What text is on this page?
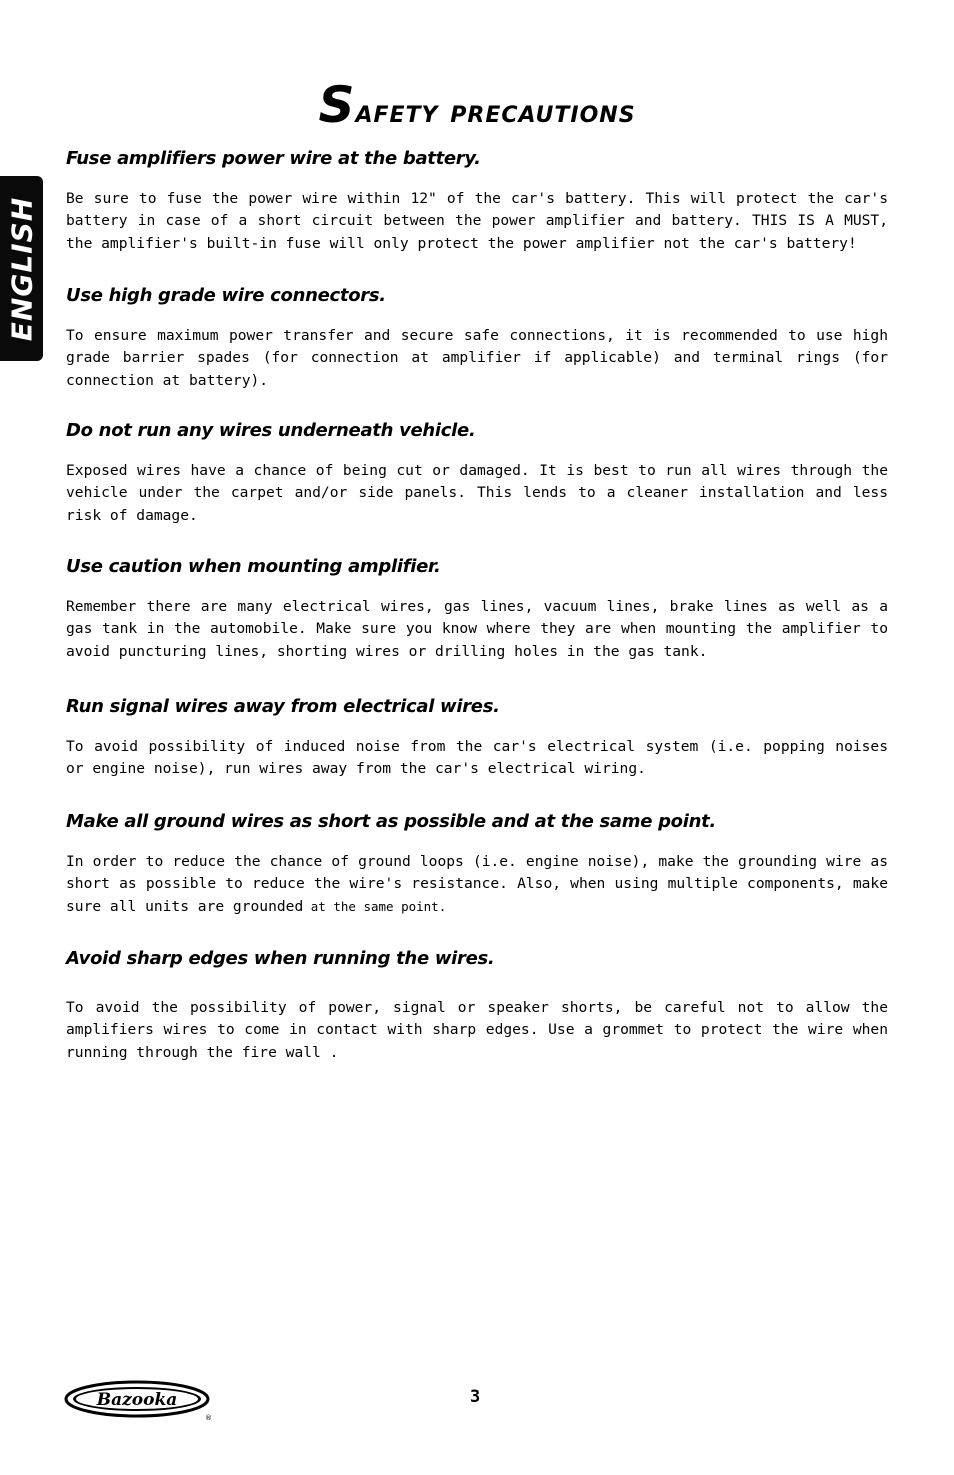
Safety precautions
ENGLISH
Fuse amplifiers power wire at the battery.

Be sure to fuse the power wire within 12" of the car's battery. This will protect the car's battery in case of a short circuit between the power amplifier and battery. THIS IS A MUST, the amplifier's built-in fuse will only protect the power amplifier not the car's battery!

Use high grade wire connectors.

To ensure maximum power transfer and secure safe connections, it is recommended to use high grade barrier spades (for connection at amplifier if applicable) and terminal rings (for connection at battery).

Do not run any wires underneath vehicle.

Exposed wires have a chance of being cut or damaged. It is best to run all wires through the vehicle under the carpet and/or side panels. This lends to a cleaner installation and less risk of damage.

Use caution when mounting amplifier.

Remember there are many electrical wires, gas lines, vacuum lines, brake lines as well as a gas tank in the automobile. Make sure you know where they are when mounting the amplifier to avoid puncturing lines, shorting wires or drilling holes in the gas tank.

Run signal wires away from electrical wires.

To avoid possibility of induced noise from the car's electrical system (i.e. popping noises or engine noise), run wires away from the car's electrical wiring.

Make all ground wires as short as possible and at the same point.

In order to reduce the chance of ground loops (i.e. engine noise), make the grounding wire as short as possible to reduce the wire's resistance. Also, when using multiple components, make sure all units are grounded at the same point.

Avoid sharp edges when running the wires.

To avoid the possibility of power, signal or speaker shorts, be careful not to allow the amplifiers wires to come in contact with sharp edges. Use a grommet to protect the wire when running through the fire wall .

Bazooka
®
3
